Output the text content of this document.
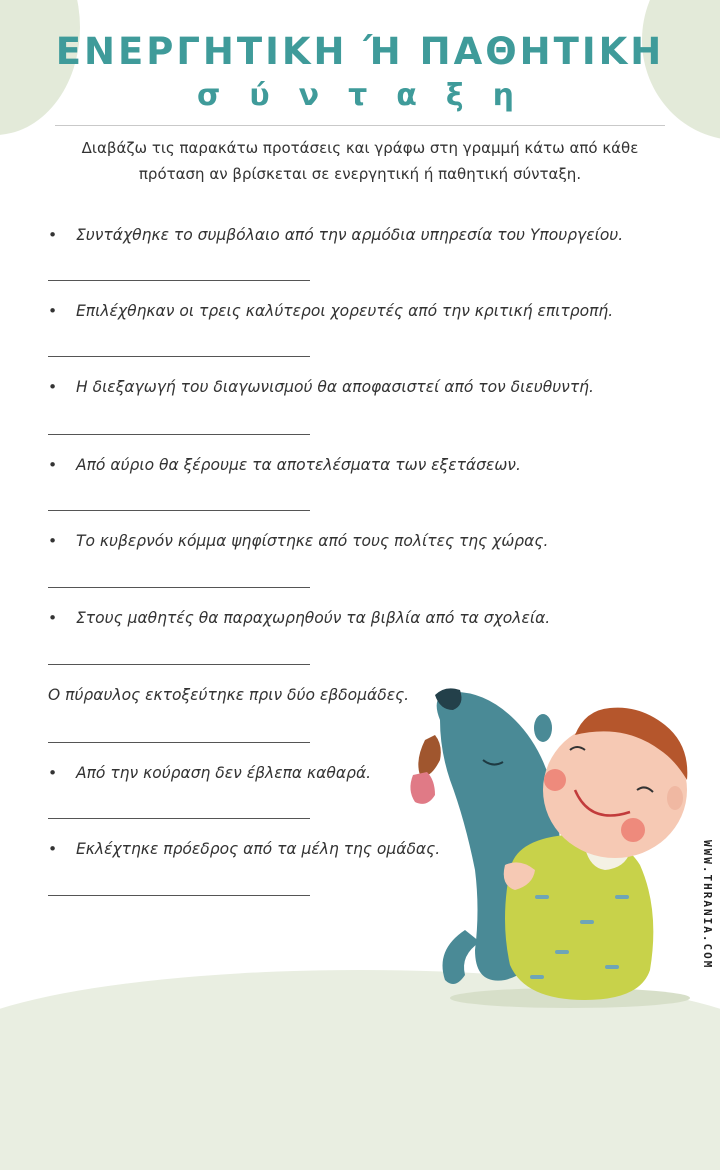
ΕΝΕΡΓΗΤΙΚΗ Ή ΠΑΘΗΤΙΚΗ
σύνταξη
Διαβάζω τις παρακάτω προτάσεις και γράφω στη γραμμή κάτω από κάθε
πρόταση αν βρίσκεται σε ενεργητική ή παθητική σύνταξη.
• Συντάχθηκε το συμβόλαιο από την αρμόδια υπηρεσία του Υπουργείου.
• Επιλέχθηκαν οι τρεις καλύτεροι χορευτές από την κριτική επιτροπή.
• Η διεξαγωγή του διαγωνισμού θα αποφασιστεί από τον διευθυντή.
• Από αύριο θα ξέρουμε τα αποτελέσματα των εξετάσεων.
• Το κυβερνόν κόμμα ψηφίστηκε από τους πολίτες της χώρας.
• Στους μαθητές θα παραχωρηθούν τα βιβλία από τα σχολεία.
Ο πύραυλος εκτοξεύτηκε πριν δύο εβδομάδες.
• Από την κούραση δεν έβλεπα καθαρά.
• Εκλέχτηκε πρόεδρος από τα μέλη της ομάδας.	WWW.THRANIA.COM
